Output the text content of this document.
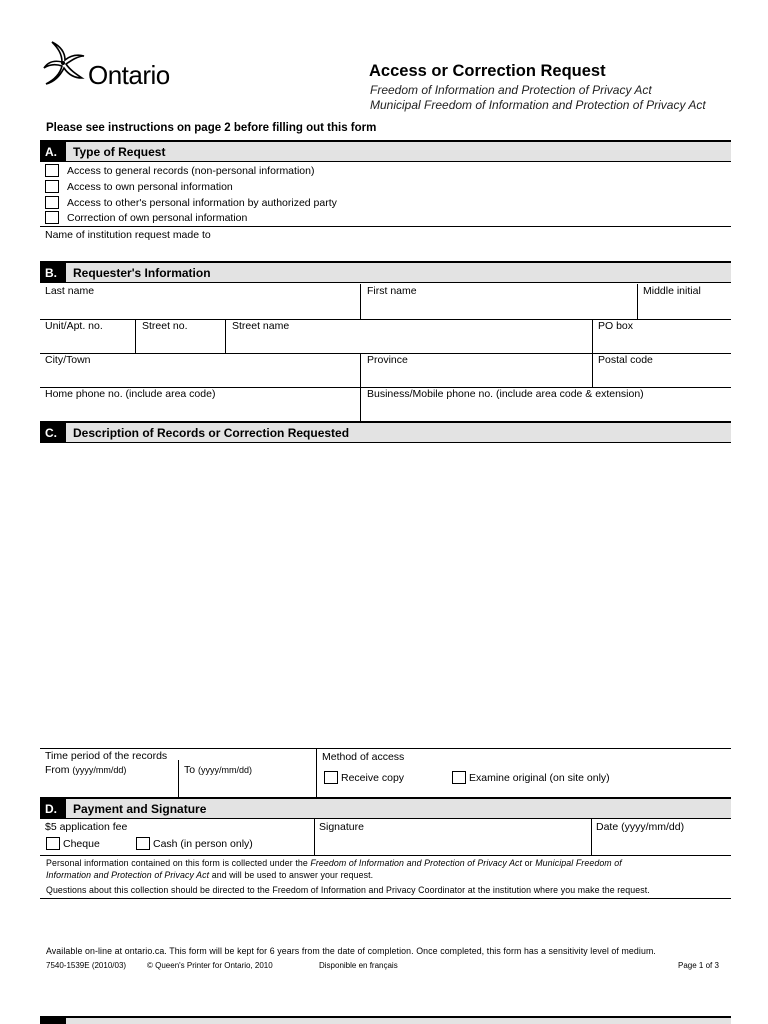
Ontario	Access or Correction Request
Freedom of Information and Protection of Privacy Act
Municipal Freedom of Information and Protection of Privacy Act
Please see instructions on page 2 before filling out this form
A.	Type of Request
Access to general records (non-personal information)
Access to own personal information
Access to other's personal information by authorized party
Correction of own personal information
Name of institution request made to
B.	Requester's Information
Last name	First name	Middle initial
Unit/Apt. no.	Street no.	Street name	PO box
City/Town	Province	Postal code
Home phone no. (include area code)	Business/Mobile phone no. (include area code & extension)
C.	Description of Records or Correction Requested
Time period of the records
From (yyyy/mm/dd)	To (yyyy/mm/dd)
Method of access
Receive copy	Examine original (on site only)
D.	Payment and Signature
$5 application fee
Cheque	Cash (in person only)
Signature	Date (yyyy/mm/dd)
Personal information contained on this form is collected under the Freedom of Information and Protection of Privacy Act or Municipal Freedom of
Information and Protection of Privacy Act and will be used to answer your request.
Questions about this collection should be directed to the Freedom of Information and Privacy Coordinator at the institution where you make the request.
Available on-line at ontario.ca. This form will be kept for 6 years from the date of completion. Once completed, this form has a sensitivity level of medium.
7540-1539E (2010/03)	© Queen's Printer for Ontario, 2010	Disponible en français	Page 1 of 3
